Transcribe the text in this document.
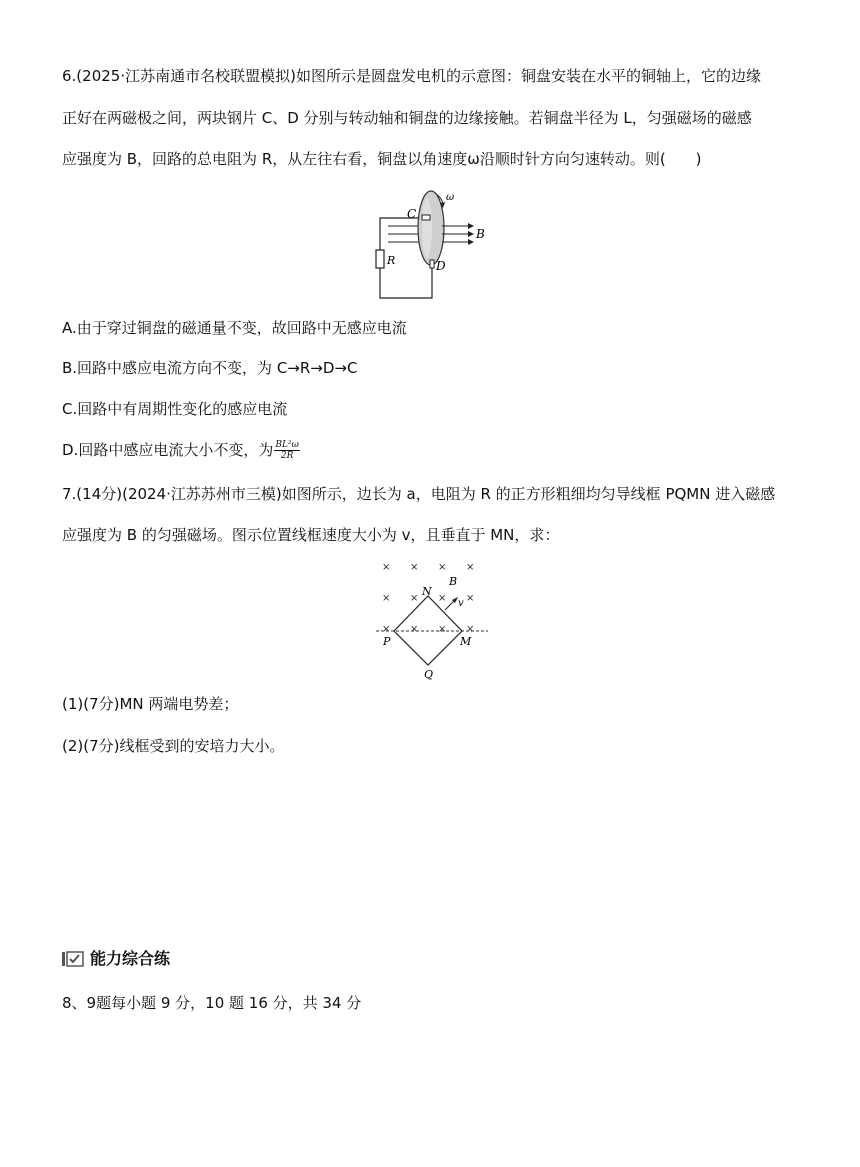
6.(2025·江苏南通市名校联盟模拟)如图所示是圆盘发电机的示意图：铜盘安装在水平的铜轴上，它的边缘
正好在两磁极之间，两块钢片 C、D 分别与转动轴和铜盘的边缘接触。若铜盘半径为 L，匀强磁场的磁感
应强度为 B，回路的总电阻为 R，从左往右看，铜盘以角速度ω沿顺时针方向匀速转动。则(　　)
C
D
R
B
ω
A.由于穿过铜盘的磁通量不变，故回路中无感应电流
B.回路中感应电流方向不变，为 C→R→D→C
C.回路中有周期性变化的感应电流
D.回路中感应电流大小不变，为 $\frac{\text{BL²ω}}{2R}$
7.(14分)(2024·江苏苏州市三模)如图所示，边长为 a，电阻为 R 的正方形粗细均匀导线框 PQMN 进入磁感
应强度为 B 的匀强磁场。图示位置线框速度大小为 v，且垂直于 MN，求：
× × × ×
× × × ×
× × × ×
B
v
N
P	M
Q
(1)(7分)MN 两端电势差；
(2)(7分)线框受到的安培力大小。
能力综合练
8、9题每小题 9 分，10 题 16 分，共 34 分
